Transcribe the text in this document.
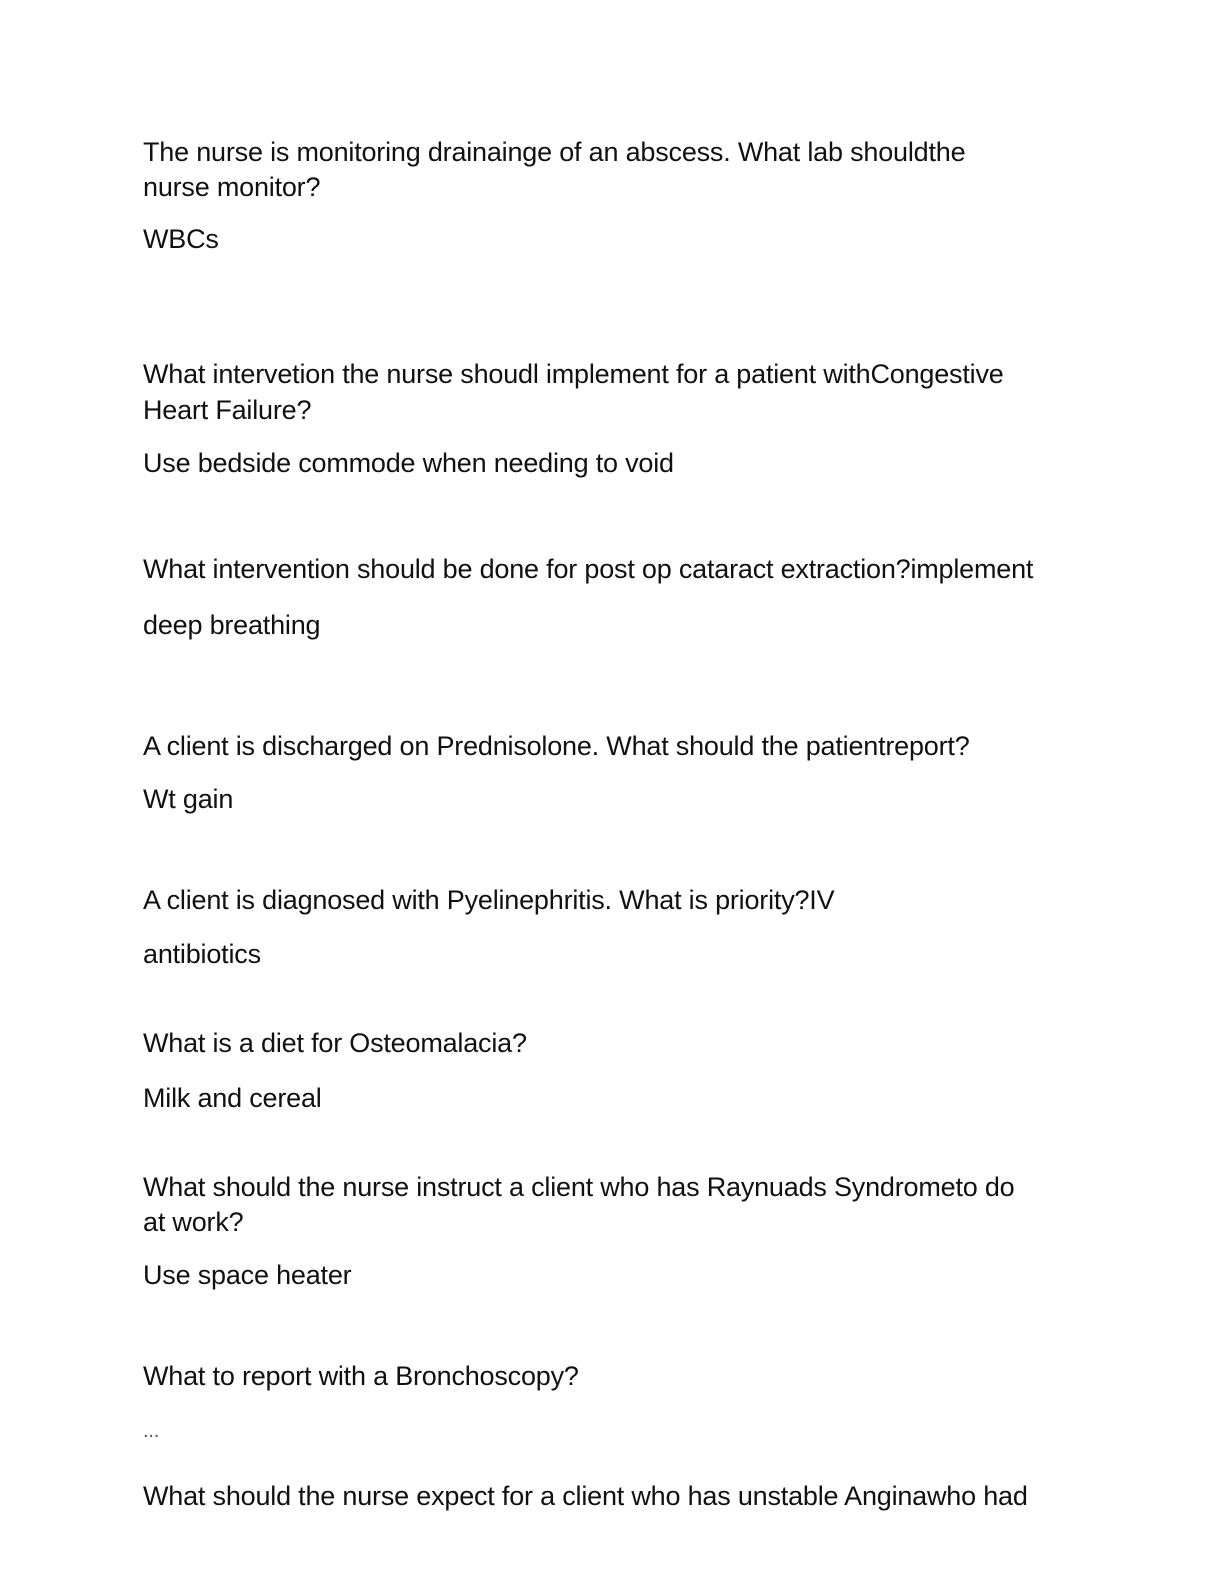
The nurse is monitoring drainainge of an abscess. What lab shouldthe
nurse monitor?
WBCs
What intervetion the nurse shoudl implement for a patient withCongestive
Heart Failure?
Use bedside commode when needing to void
What intervention should be done for post op cataract extraction?implement
deep breathing
A client is discharged on Prednisolone. What should the patientreport?
Wt gain
A client is diagnosed with Pyelinephritis. What is priority?IV
antibiotics
What is a diet for Osteomalacia?
Milk and cereal
What should the nurse instruct a client who has Raynuads Syndrometo do
at work?
Use space heater
What to report with a Bronchoscopy?
...
What should the nurse expect for a client who has unstable Anginawho had
